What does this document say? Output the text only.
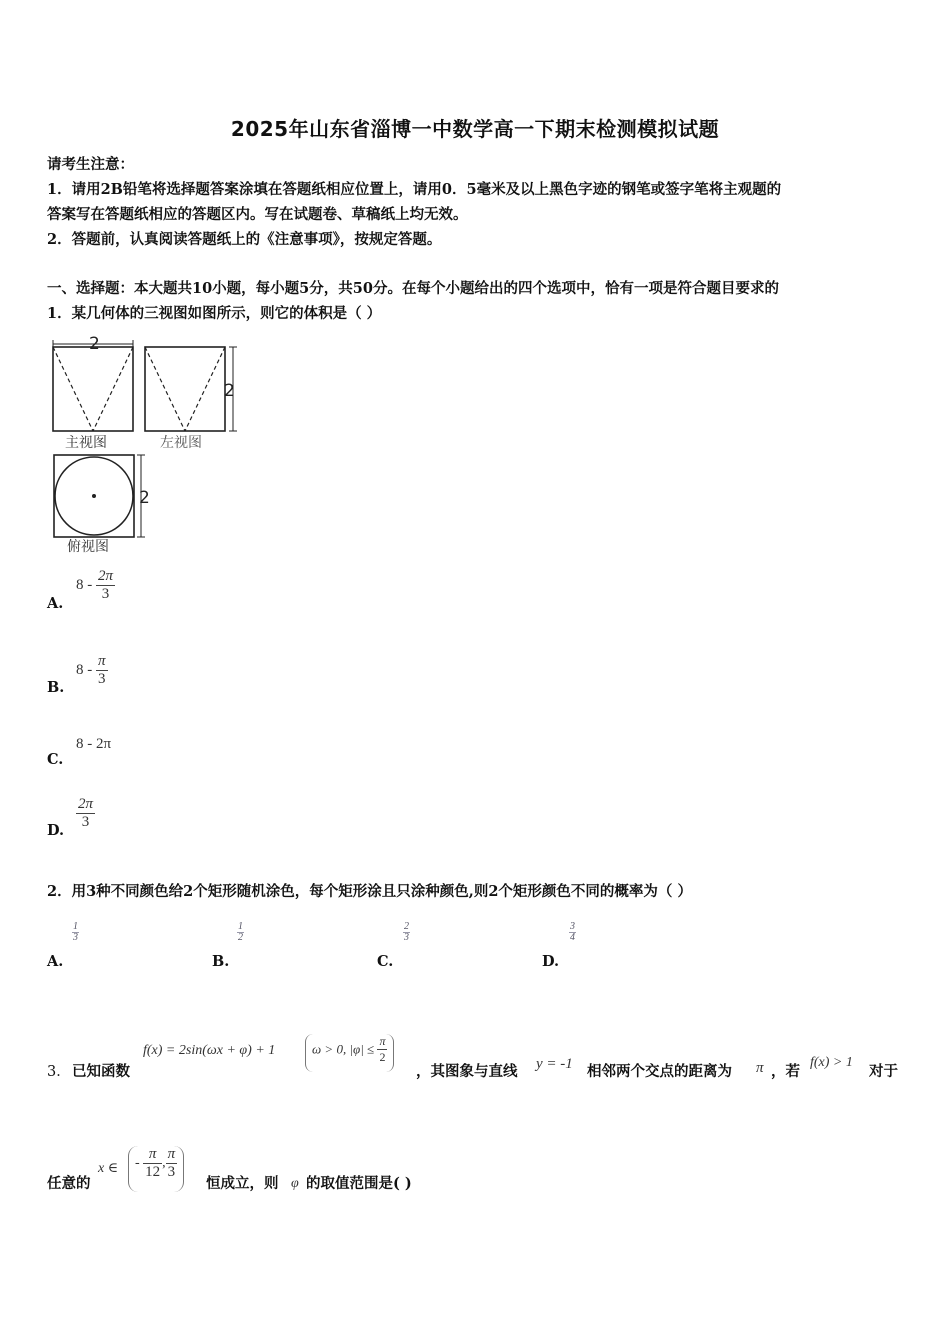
2025年山东省淄博一中数学高一下期末检测模拟试题
请考生注意：
1．请用2B铅笔将选择题答案涂填在答题纸相应位置上，请用0．5毫米及以上黑色字迹的钢笔或签字笔将主观题的
答案写在答题纸相应的答题区内。写在试题卷、草稿纸上均无效。
2．答题前，认真阅读答题纸上的《注意事项》，按规定答题。
一、选择题：本大题共10小题，每小题5分，共50分。在每个小题给出的四个选项中，恰有一项是符合题目要求的
1．某几何体的三视图如图所示，则它的体积是（ ）
2
2
2
主视图	左视图
俯视图
A.
$8 - \frac{2\pi}{3}$
B.
$8 - \frac{\pi}{3}$
C.
8 - 2π
D. $\frac{2\pi}{3}$
2．用3种不同颜色给2个矩形随机涂色，每个矩形涂且只涂种颜色,则2个矩形颜色不同的概率为（ ）
1
3
A.
1
2
B.
2
3
C.
3
4
D.
3． 已知函数
f(x) = 2sin(ωx + φ) + 1	ω > 0, $|\varphi| \le \frac{\pi}{2}$
，其图象与直线 y = -1 相邻两个交点的距离为 π ，若
f(x) > 1
对于
任意的
x ∈	- $\frac{\pi}{12}$ , $\frac{\pi}{3}$
恒成立，则 φ 的取值范围是( )
